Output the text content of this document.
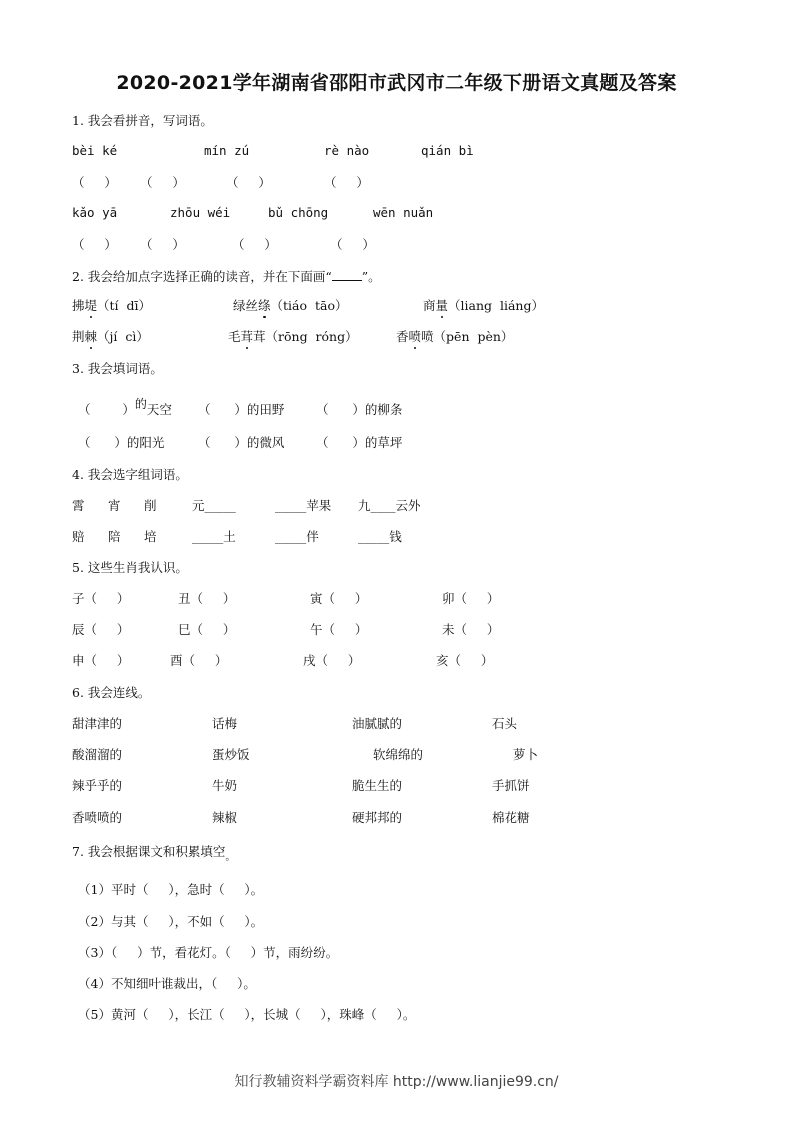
2020-2021学年湖南省邵阳市武冈市二年级下册语文真题及答案
1. 我会看拼音，写词语。
bèi ké	mín zú	rè nào	qián bì
（     ） （     ）	（     ）	（     ）
kǎo yā	zhōu wéi	bǔ chōng	wēn nuǎn
（     ） （     ）	（     ）	（     ）
2. 我会给加点字选择正确的读音，并在下面画“ ”。
拂堤（tí  dī）	绿丝绦（tiáo  tāo）	商量（liang  liáng）
荆棘（jí  cì）	毛茸茸（rōng  róng）	香喷喷（pēn  pèn）
3. 我会填词语。
（	）的天空 （ ）的田野	（ ）的柳条
（ ）的阳光	（ ）的微风	（ ）的草坪
4. 我会选字组词语。
霄 宵 削	元_____	_____苹果 九____云外
赔 陪 培	_____土	_____伴	_____钱
5. 这些生肖我认识。
子（     ）	丑（     ）	寅（     ）	卯（     ）
辰（     ）	巳（     ）	午（     ）	未（     ）
申（     ）	酉（     ）	戌（     ）	亥（     ）
6. 我会连线。
甜津津的	话梅	油腻腻的	石头
酸溜溜的	蛋炒饭	软绵绵的	萝卜
辣乎乎的	牛奶	脆生生的	手抓饼
香喷喷的	辣椒	硬邦邦的	棉花糖
7. 我会根据课文和积累填空$_。$
（1）平时（     ），急时（     ）。
（2）与其（     ），不如（     ）。
（3）（     ）节，看花灯。（     ）节，雨纷纷。
（4）不知细叶谁裁出，（     ）。
（5）黄河（     ），长江（     ），长城（     ），珠峰（     ）。
知行教辅资料学霸资料库 http://www.lianjie99.cn/
